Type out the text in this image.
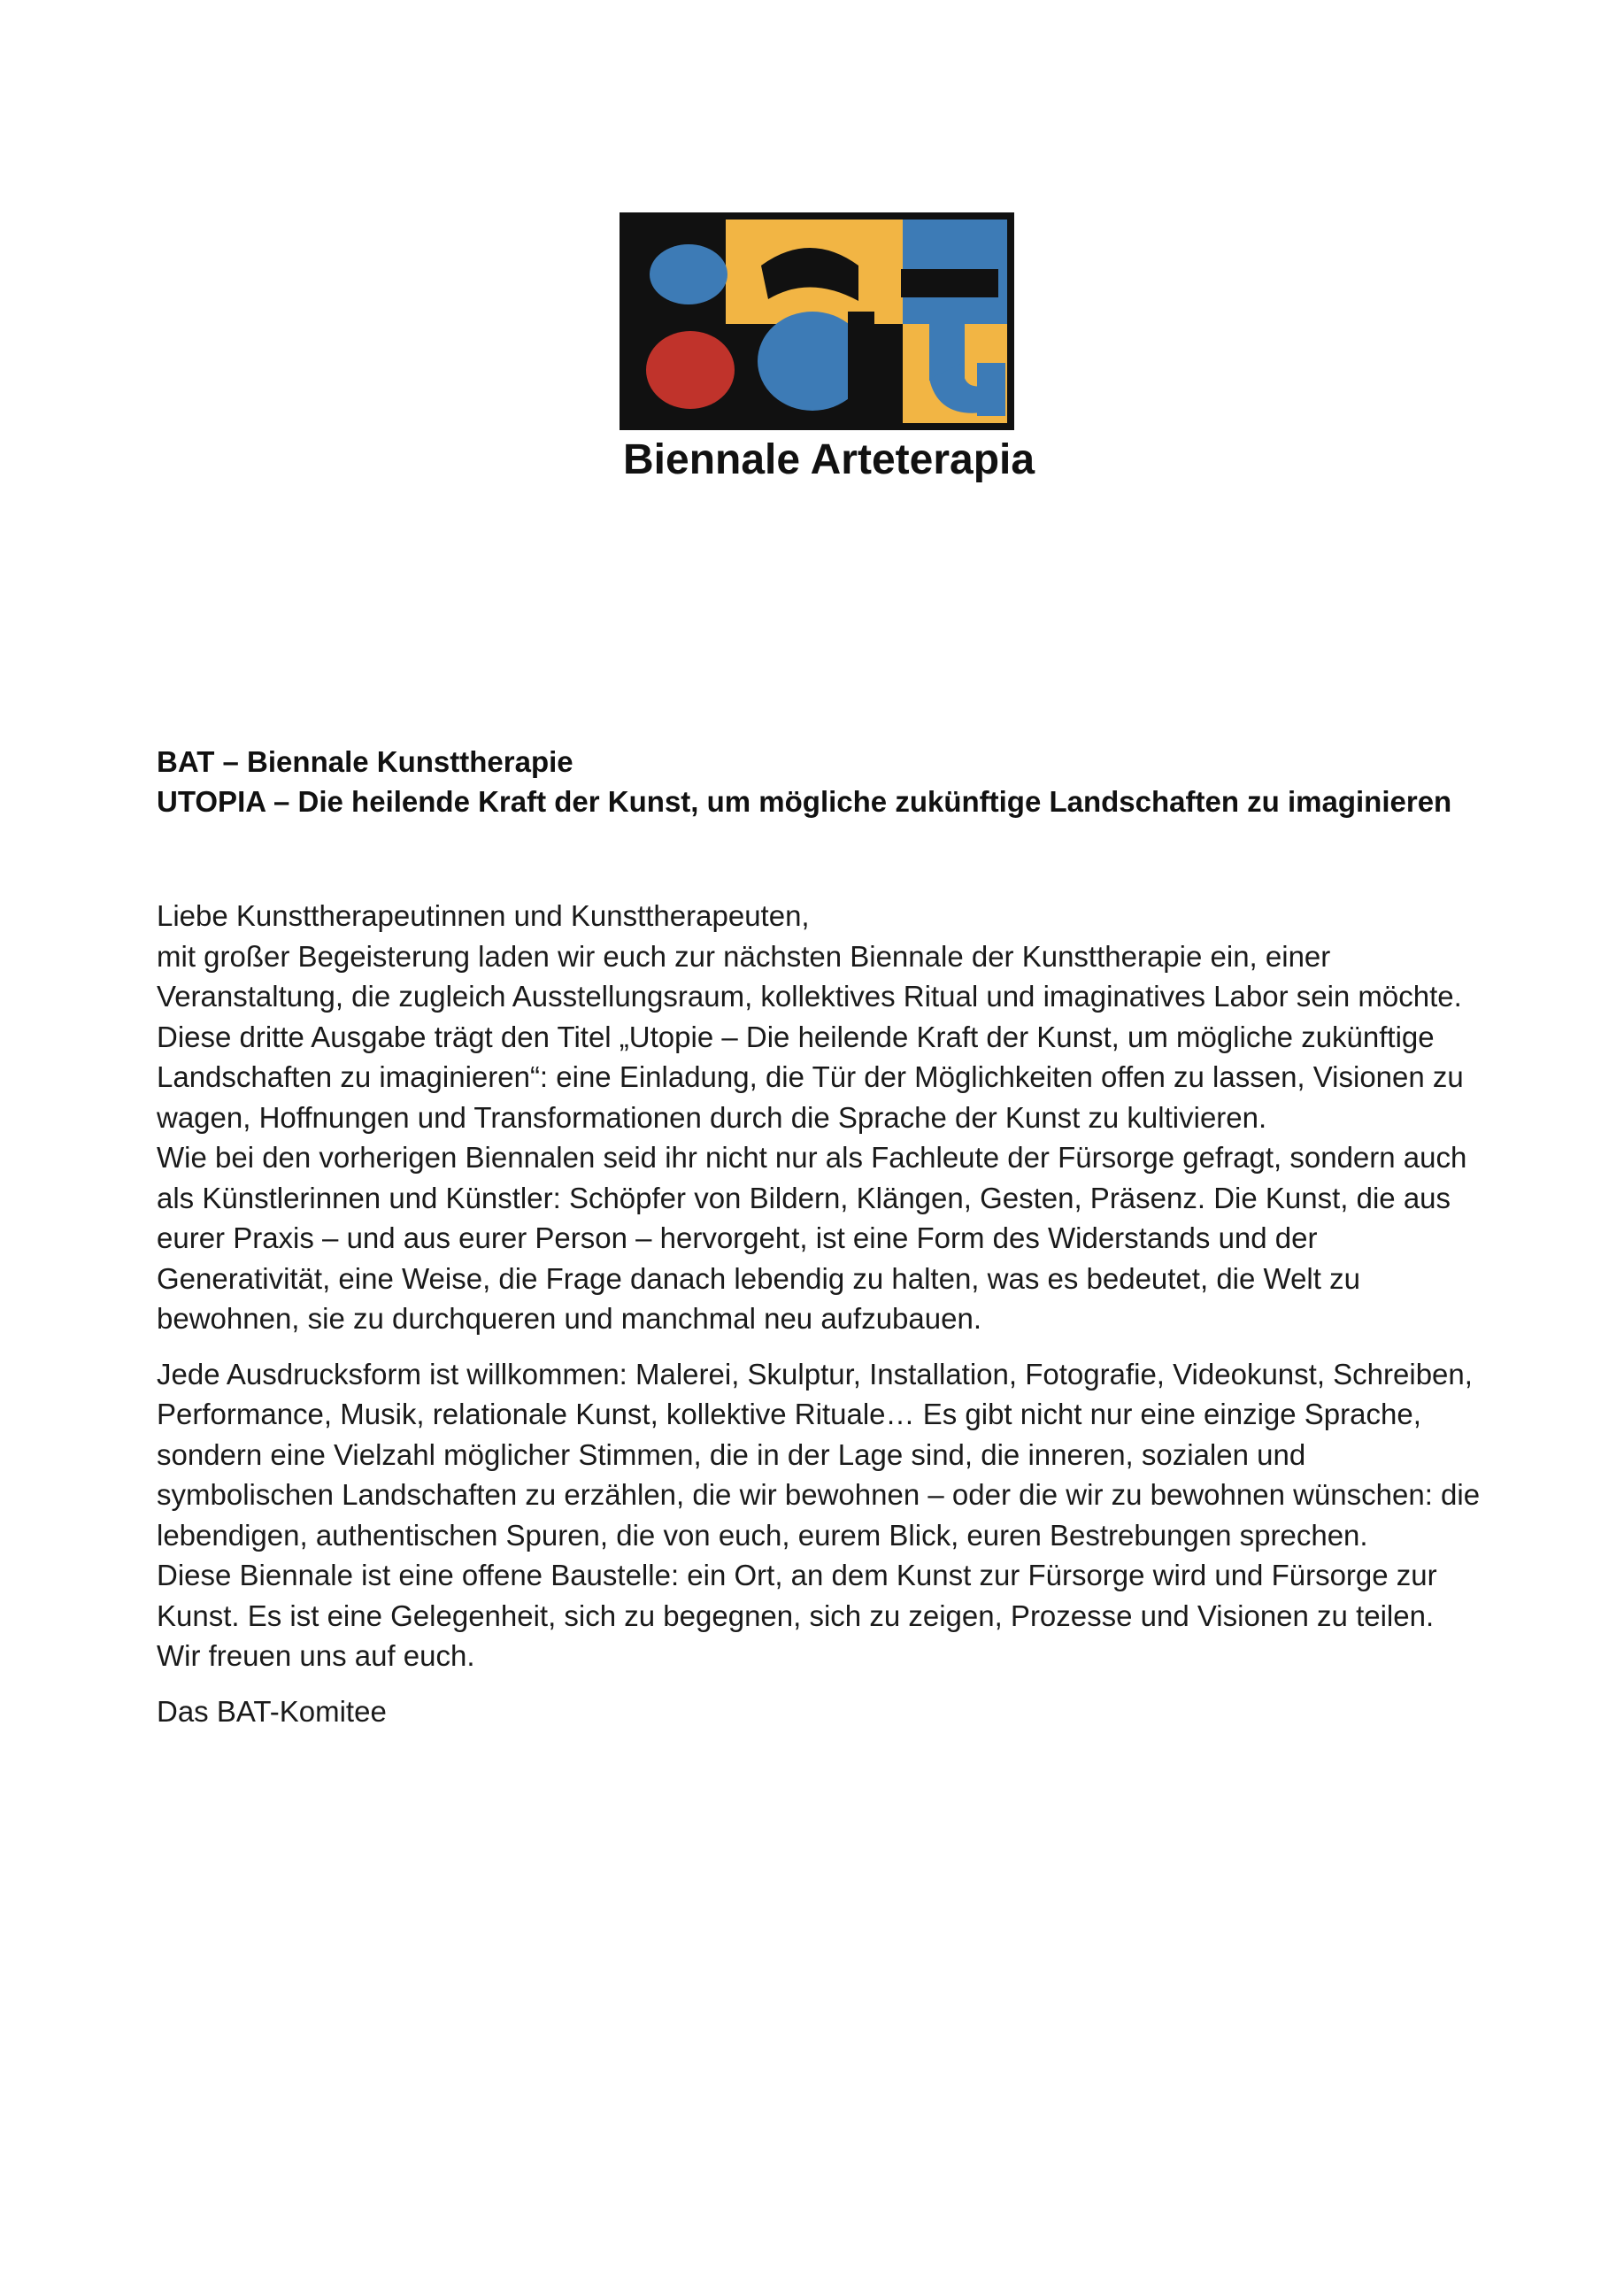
Biennale Arteterapia
BAT – Biennale Kunsttherapie
UTOPIA – Die heilende Kraft der Kunst, um mögliche zukünftige Landschaften zu imaginieren

Liebe Kunsttherapeutinnen und Kunsttherapeuten,

mit großer Begeisterung laden wir euch zur nächsten Biennale der Kunsttherapie ein, einer Veranstaltung, die zugleich Ausstellungsraum, kollektives Ritual und imaginatives Labor sein möchte. Diese dritte Ausgabe trägt den Titel „Utopie – Die heilende Kraft der Kunst, um mögliche zukünftige Landschaften zu imaginieren“: eine Einladung, die Tür der Möglichkeiten offen zu lassen, Visionen zu wagen, Hoffnungen und Transformationen durch die Sprache der Kunst zu kultivieren.

Wie bei den vorherigen Biennalen seid ihr nicht nur als Fachleute der Fürsorge gefragt, sondern auch als Künstlerinnen und Künstler: Schöpfer von Bildern, Klängen, Gesten, Präsenz. Die Kunst, die aus eurer Praxis – und aus eurer Person – hervorgeht, ist eine Form des Widerstands und der Generativität, eine Weise, die Frage danach lebendig zu halten, was es bedeutet, die Welt zu bewohnen, sie zu durchqueren und manchmal neu aufzubauen.

Jede Ausdrucksform ist willkommen: Malerei, Skulptur, Installation, Fotografie, Videokunst, Schreiben, Performance, Musik, relationale Kunst, kollektive Rituale… Es gibt nicht nur eine einzige Sprache, sondern eine Vielzahl möglicher Stimmen, die in der Lage sind, die inneren, sozialen und symbolischen Landschaften zu erzählen, die wir bewohnen – oder die wir zu bewohnen wünschen: die lebendigen, authentischen Spuren, die von euch, eurem Blick, euren Bestrebungen sprechen.

Diese Biennale ist eine offene Baustelle: ein Ort, an dem Kunst zur Fürsorge wird und Fürsorge zur Kunst. Es ist eine Gelegenheit, sich zu begegnen, sich zu zeigen, Prozesse und Visionen zu teilen.

Wir freuen uns auf euch.

Das BAT-Komitee
